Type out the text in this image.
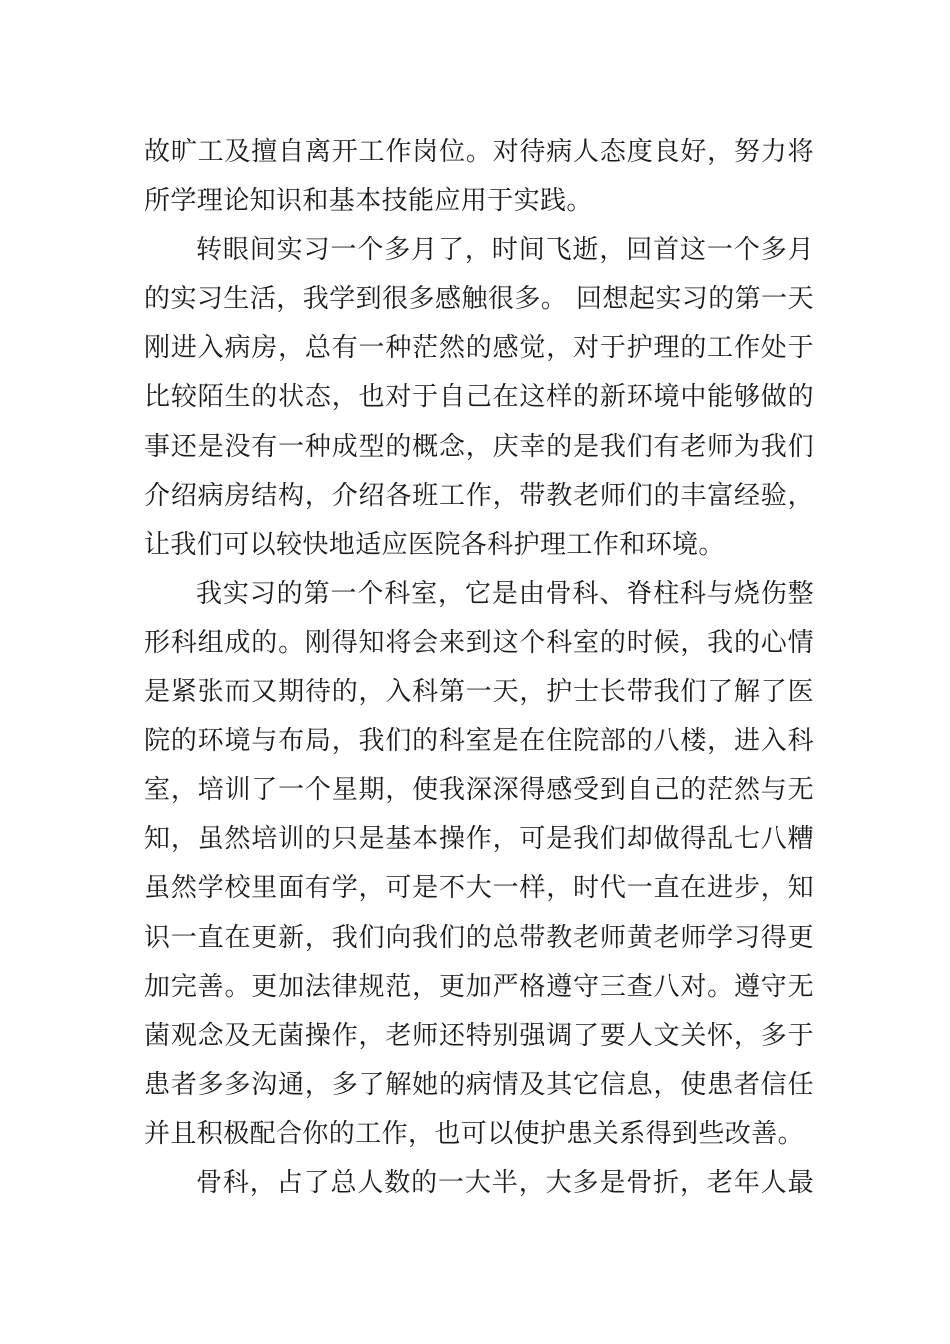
故旷工及擅自离开工作岗位。对待病人态度良好，努力将
所学理论知识和基本技能应用于实践。
转眼间实习一个多月了，时间飞逝，回首这一个多月
的实习生活，我学到很多感触很多。 回想起实习的第一天
刚进入病房，总有一种茫然的感觉，对于护理的工作处于
比较陌生的状态，也对于自己在这样的新环境中能够做的
事还是没有一种成型的概念，庆幸的是我们有老师为我们
介绍病房结构，介绍各班工作，带教老师们的丰富经验，
让我们可以较快地适应医院各科护理工作和环境。
我实习的第一个科室，它是由骨科、脊柱科与烧伤整
形科组成的。刚得知将会来到这个科室的时候，我的心情
是紧张而又期待的，入科第一天，护士长带我们了解了医
院的环境与布局，我们的科室是在住院部的八楼，进入科
室，培训了一个星期，使我深深得感受到自己的茫然与无
知，虽然培训的只是基本操作，可是我们却做得乱七八糟
虽然学校里面有学，可是不大一样，时代一直在进步，知
识一直在更新，我们向我们的总带教老师黄老师学习得更
加完善。更加法律规范，更加严格遵守三查八对。遵守无
菌观念及无菌操作，老师还特别强调了要人文关怀，多于
患者多多沟通，多了解她的病情及其它信息，使患者信任
并且积极配合你的工作，也可以使护患关系得到些改善。
骨科，占了总人数的一大半，大多是骨折，老年人最
